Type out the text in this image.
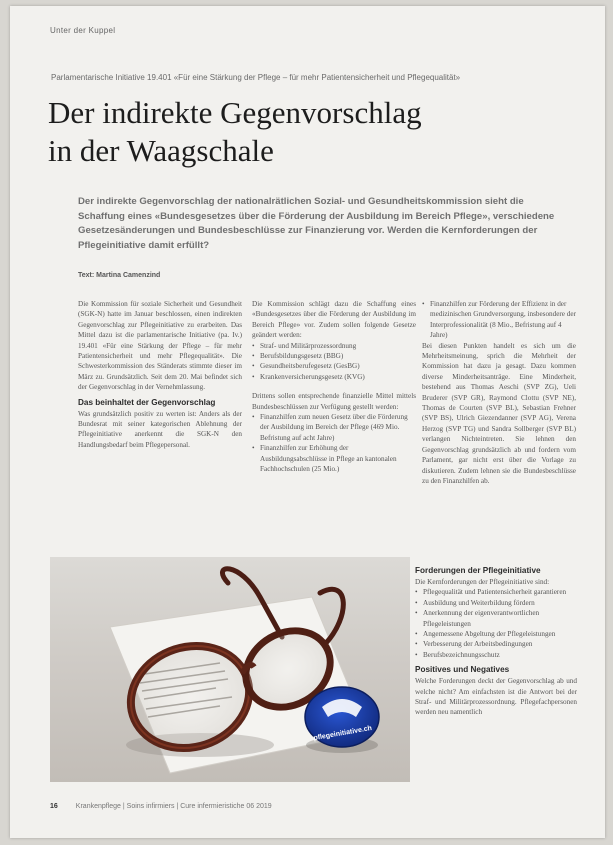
Unter der Kuppel
Parlamentarische Initiative 19.401 «Für eine Stärkung der Pflege – für mehr Patientensicherheit und Pflegequalität»
Der indirekte Gegenvorschlag
in der Waagschale

Der indirekte Gegenvorschlag der nationalrätlichen Sozial- und Gesundheitskommission sieht die Schaffung eines «Bundesgesetzes über die Förderung der Ausbildung im Bereich Pflege», verschiedene Gesetzesänderungen und Bundesbeschlüsse zur Finanzierung vor. Werden die Kernforderungen der Pflegeinitiative damit erfüllt?

Text: Martina Camenzind

Die Kommission für soziale Sicherheit und Gesundheit (SGK-N) hatte im Januar beschlossen, einen indirekten Gegenvorschlag zur Pflegeinitiative zu erarbeiten. Das Mittel dazu ist die parlamentarische Initiative (pa. Iv.) 19.401 «Für eine Stärkung der Pflege – für mehr Patientensicherheit und mehr Pflegequalität». Die Schwesterkommission des Ständerats stimmte dieser im März zu. Grundsätzlich. Seit dem 20. Mai befindet sich der Gegenvorschlag in der Vernehmlassung.

Das beinhaltet der Gegenvorschlag

Was grundsätzlich positiv zu werten ist: Anders als der Bundesrat mit seiner kategorischen Ablehnung der Pflegeinitiative anerkennt die SGK-N den Handlungsbedarf beim Pflegepersonal.

Die Kommission schlägt dazu die Schaffung eines «Bundesgesetzes über die Förderung der Ausbildung im Bereich Pflege» vor. Zudem sollen folgende Gesetze geändert werden:

• Straf- und Militärprozessordnung
• Berufsbildungsgesetz (BBG)
• Gesundheitsberufegesetz (GesBG)
• Krankenversicherungsgesetz (KVG)

Drittens sollen entsprechende finanzielle Mittel mittels Bundesbeschlüssen zur Verfügung gestellt werden:

• Finanzhilfen zum neuen Gesetz über die Förderung der Ausbildung im Bereich der Pflege (469 Mio. Befristung auf acht Jahre)
• Finanzhilfen zur Erhöhung der Ausbildungsabschlüsse in Pflege an kantonalen Fachhochschulen (25 Mio.)
• Finanzhilfen zur Förderung der Effizienz in der medizinischen Grundversorgung, insbesondere der Interprofessionalität (8 Mio., Befristung auf 4 Jahre)

Bei diesen Punkten handelt es sich um die Mehrheitsmeinung, sprich die Mehrheit der Kommission hat dazu ja gesagt. Dazu kommen diverse Minderheitsanträge. Eine Minderheit, bestehend aus Thomas Aeschi (SVP ZG), Ueli Bruderer (SVP GR), Raymond Clottu (SVP NE), Thomas de Courten (SVP BL), Sebastian Frehner (SVP BS), Ulrich Giezendanner (SVP AG), Verena Herzog (SVP TG) und Sandra Sollberger (SVP BL) verlangen Nichteintreten. Sie lehnen den Gegenvorschlag grundsätzlich ab und fordern vom Parlament, gar nicht erst über die Vorlage zu diskutieren. Zudem lehnen sie die Bundesbeschlüsse zu den Finanzhilfen ab.

Forderungen der Pflegeinitiative

Die Kernforderungen der Pflegeinitiative sind:

• Pflegequalität und Patientensicherheit garantieren
• Ausbildung und Weiterbildung fördern
• Anerkennung der eigenverantwortlichen Pflegeleistungen
• Angemessene Abgeltung der Pflegeleistungen
• Verbesserung der Arbeitsbedingungen
• Berufsbezeichnungsschutz
Positives und Negatives

Welche Forderungen deckt der Gegenvorschlag ab und welche nicht? Am einfachsten ist die Antwort bei der Straf- und Militärprozessordnung. Pflegefachpersonen werden neu namentlich

pflegeinitiative.ch
16	Krankenpflege | Soins infirmiers | Cure infermieristiche 06 2019
